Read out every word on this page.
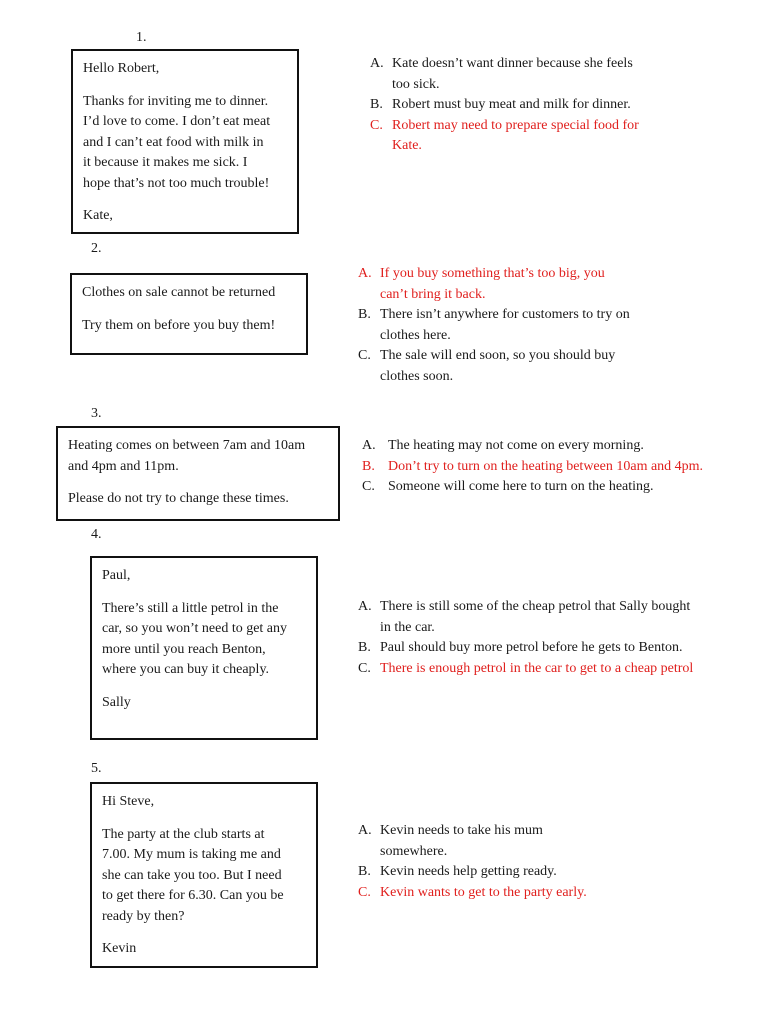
1.
Hello Robert,
Thanks for inviting me to dinner.
I’d love to come. I don’t eat meat
and I can’t eat food with milk in
it because it makes me sick. I
hope that’s not too much trouble!
Kate,
A. Kate doesn’t want dinner because she feels
too sick.
B. Robert must buy meat and milk for dinner.
C. Robert may need to prepare special food for
Kate.
2.
Clothes on sale cannot be returned
Try them on before you buy them!
A. If you buy something that’s too big, you
can’t bring it back.
B. There isn’t anywhere for customers to try on
clothes here.
C. The sale will end soon, so you should buy
clothes soon.
3.
Heating comes on between 7am and 10am
and 4pm and 11pm.
Please do not try to change these times.
A. The heating may not come on every morning.
B. Don’t try to turn on the heating between 10am and 4pm.
C. Someone will come here to turn on the heating.
4.
Paul,
There’s still a little petrol in the
car, so you won’t need to get any
more until you reach Benton,
where you can buy it cheaply.
Sally
A. There is still some of the cheap petrol that Sally bought
in the car.
B. Paul should buy more petrol before he gets to Benton.
C. There is enough petrol in the car to get to a cheap petrol
5.
Hi Steve,
The party at the club starts at
7.00. My mum is taking me and
she can take you too. But I need
to get there for 6.30. Can you be
ready by then?
Kevin
A. Kevin needs to take his mum
somewhere.
B. Kevin needs help getting ready.
C. Kevin wants to get to the party early.
